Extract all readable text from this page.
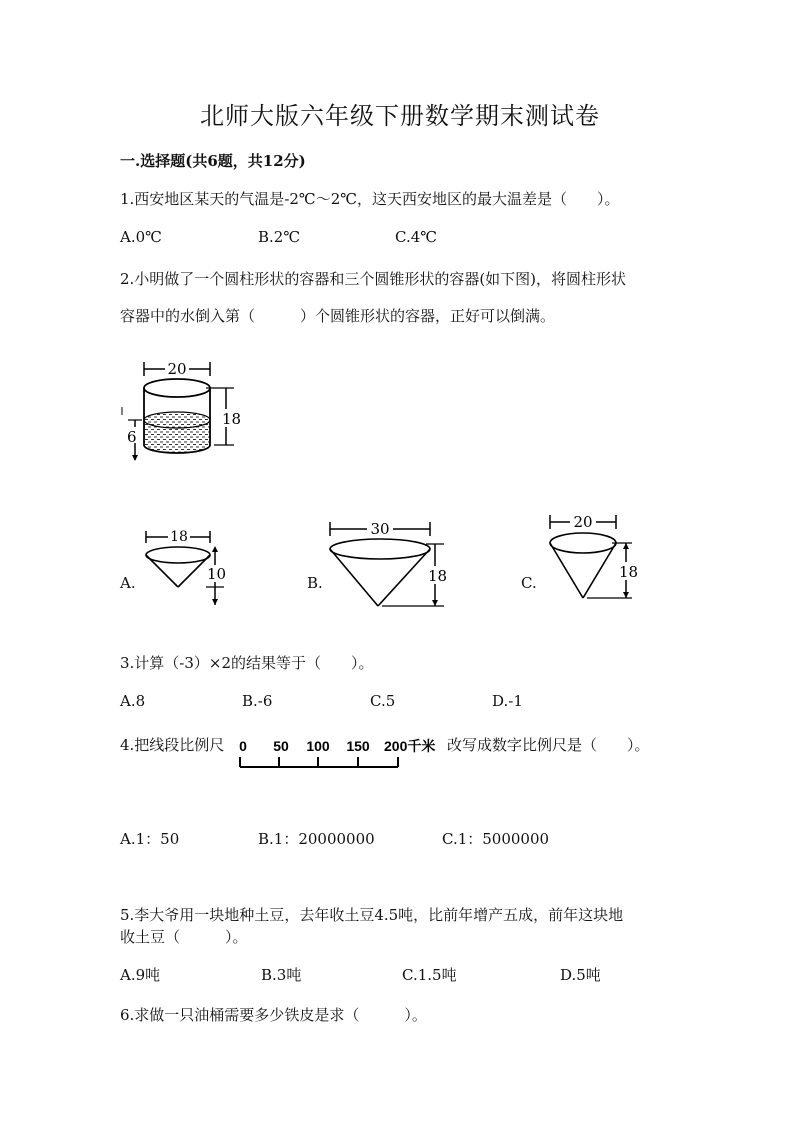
北师大版六年级下册数学期末测试卷
一.选择题(共6题，共12分)
1.西安地区某天的气温是-2℃～2℃，这天西安地区的最大温差是（　　）。
A.0℃	B.2℃	C.4℃
2.小明做了一个圆柱形状的容器和三个圆锥形状的容器(如下图)，将圆柱形状
容器中的水倒入第（　　　）个圆锥形状的容器，正好可以倒满。
20
18
6
A.
18
10	B.
30
18	C.
20
18
3.计算（-3）×2的结果等于（　　）。
A.8	B.-6	C.5	D.-1
4.把线段比例尺 0 50 100 150 200千米 改写成数字比例尺是（　　）。
A.1：50	B.1：20000000	C.1：5000000
5.李大爷用一块地种土豆，去年收土豆4.5吨，比前年增产五成，前年这块地
收土豆（　　　）。
A.9吨	B.3吨	C.1.5吨	D.5吨
6.求做一只油桶需要多少铁皮是求（　　　）。
